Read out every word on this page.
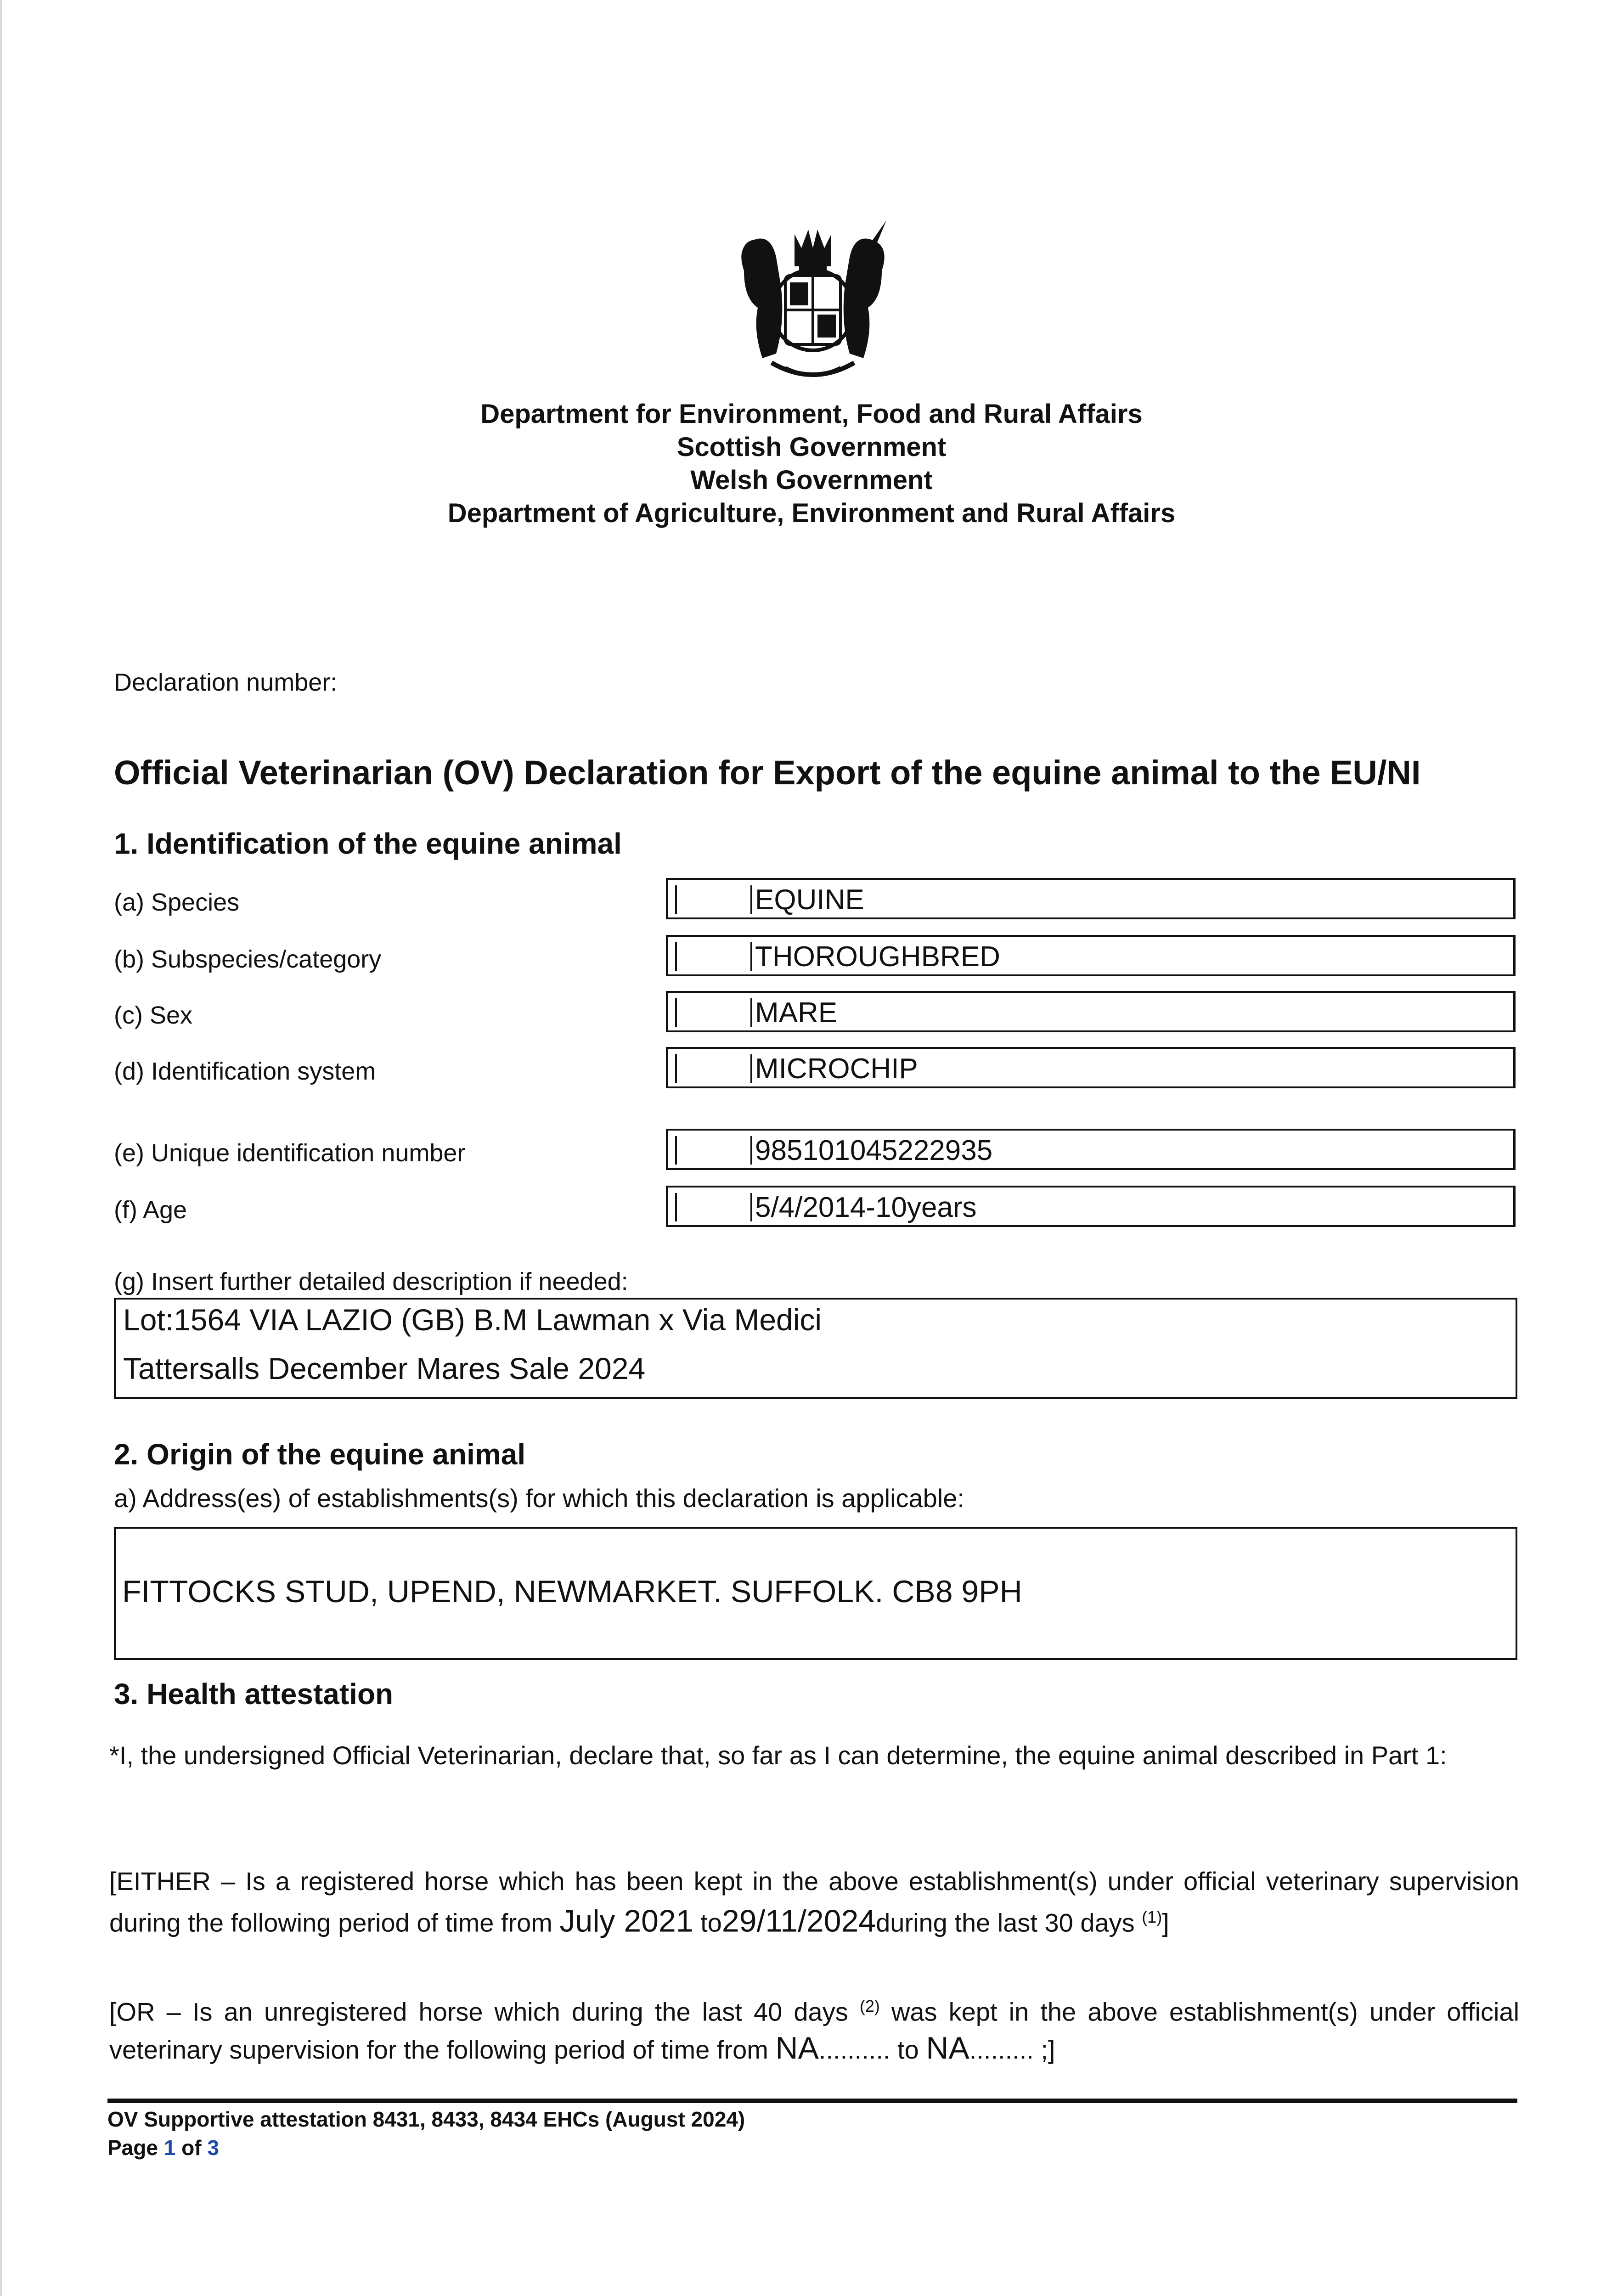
Department for Environment, Food and Rural Affairs
Scottish Government
Welsh Government
Department of Agriculture, Environment and Rural Affairs
Declaration number:
Official Veterinarian (OV) Declaration for Export of the equine animal to the EU/NI
1. Identification of the equine animal
(a) Species	EQUINE
(b) Subspecies/category	THOROUGHBRED
(c) Sex	MARE
(d) Identification system	MICROCHIP
(e) Unique identification number	985101045222935
(f) Age	5/4/2014-10years
(g) Insert further detailed description if needed:
Lot:1564 VIA LAZIO (GB) B.M Lawman x Via Medici
Tattersalls December Mares Sale 2024
2. Origin of the equine animal
a) Address(es) of establishments(s) for which this declaration is applicable:
FITTOCKS STUD, UPEND, NEWMARKET. SUFFOLK. CB8 9PH
3. Health attestation
*I, the undersigned Official Veterinarian, declare that, so far as I can determine, the equine animal described in Part 1:
[EITHER – Is a registered horse which has been kept in the above establishment(s) under official veterinary supervision during the following period of time from July 2021 to29/11/2024during the last 30 days $^{(1)}$]
[OR – Is an unregistered horse which during the last 40 days $^{(2)}$ was kept in the above establishment(s) under official veterinary supervision for the following period of time from NA.......... to NA......... ;]
OV Supportive attestation 8431, 8433, 8434 EHCs (August 2024)
Page 1 of 3
